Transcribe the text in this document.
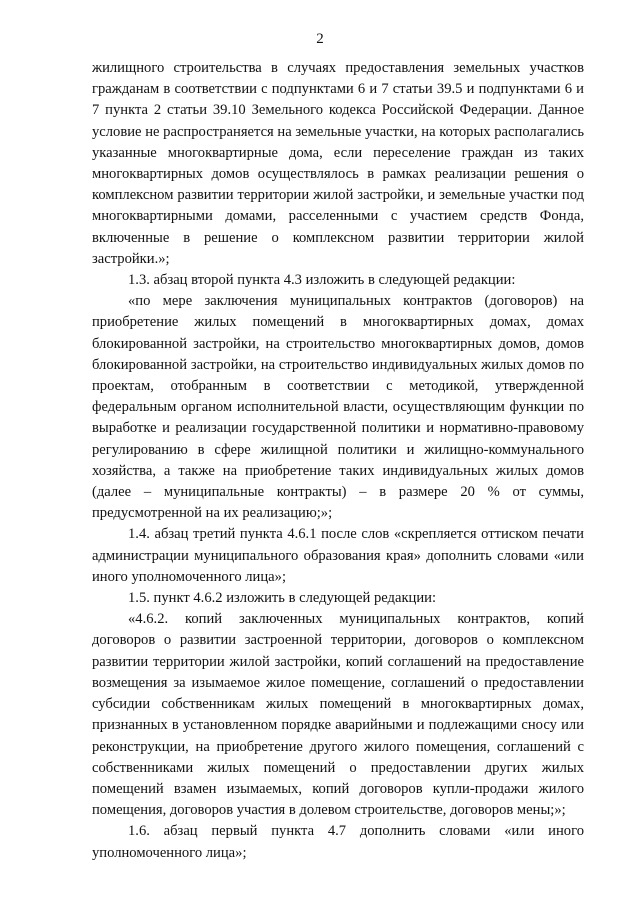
2

жилищного строительства в случаях предоставления земельных участков гражданам в соответствии с подпунктами 6 и 7 статьи 39.5 и подпунктами 6 и 7 пункта 2 статьи 39.10 Земельного кодекса Российской Федерации. Данное условие не распространяется на земельные участки, на которых располагались указанные многоквартирные дома, если переселение граждан из таких многоквартирных домов осуществлялось в рамках реализации решения о комплексном развитии территории жилой застройки, и земельные участки под многоквартирными домами, расселенными с участием средств Фонда, включенные в решение о комплексном развитии территории жилой застройки.»;

1.3. абзац второй пункта 4.3 изложить в следующей редакции:

«по мере заключения муниципальных контрактов (договоров) на приобретение жилых помещений в многоквартирных домах, домах блокированной застройки, на строительство многоквартирных домов, домов блокированной застройки, на строительство индивидуальных жилых домов по проектам, отобранным в соответствии с методикой, утвержденной федеральным органом исполнительной власти, осуществляющим функции по выработке и реализации государственной политики и нормативно-правовому регулированию в сфере жилищной политики и жилищно-коммунального хозяйства, а также на приобретение таких индивидуальных жилых домов (далее – муниципальные контракты) – в размере 20 % от суммы, предусмотренной на их реализацию;»;

1.4. абзац третий пункта 4.6.1 после слов «скрепляется оттиском печати администрации муниципального образования края» дополнить словами «или иного уполномоченного лица»;

1.5. пункт 4.6.2 изложить в следующей редакции:

«4.6.2. копий заключенных муниципальных контрактов, копий договоров о развитии застроенной территории, договоров о комплексном развитии территории жилой застройки, копий соглашений на предоставление возмещения за изымаемое жилое помещение, соглашений о предоставлении субсидии собственникам жилых помещений в многоквартирных домах, признанных в установленном порядке аварийными и подлежащими сносу или реконструкции, на приобретение другого жилого помещения, соглашений с собственниками жилых помещений о предоставлении других жилых помещений взамен изымаемых, копий договоров купли-продажи жилого помещения, договоров участия в долевом строительстве, договоров мены;»;

1.6. абзац первый пункта 4.7 дополнить словами «или иного уполномоченного лица»;
